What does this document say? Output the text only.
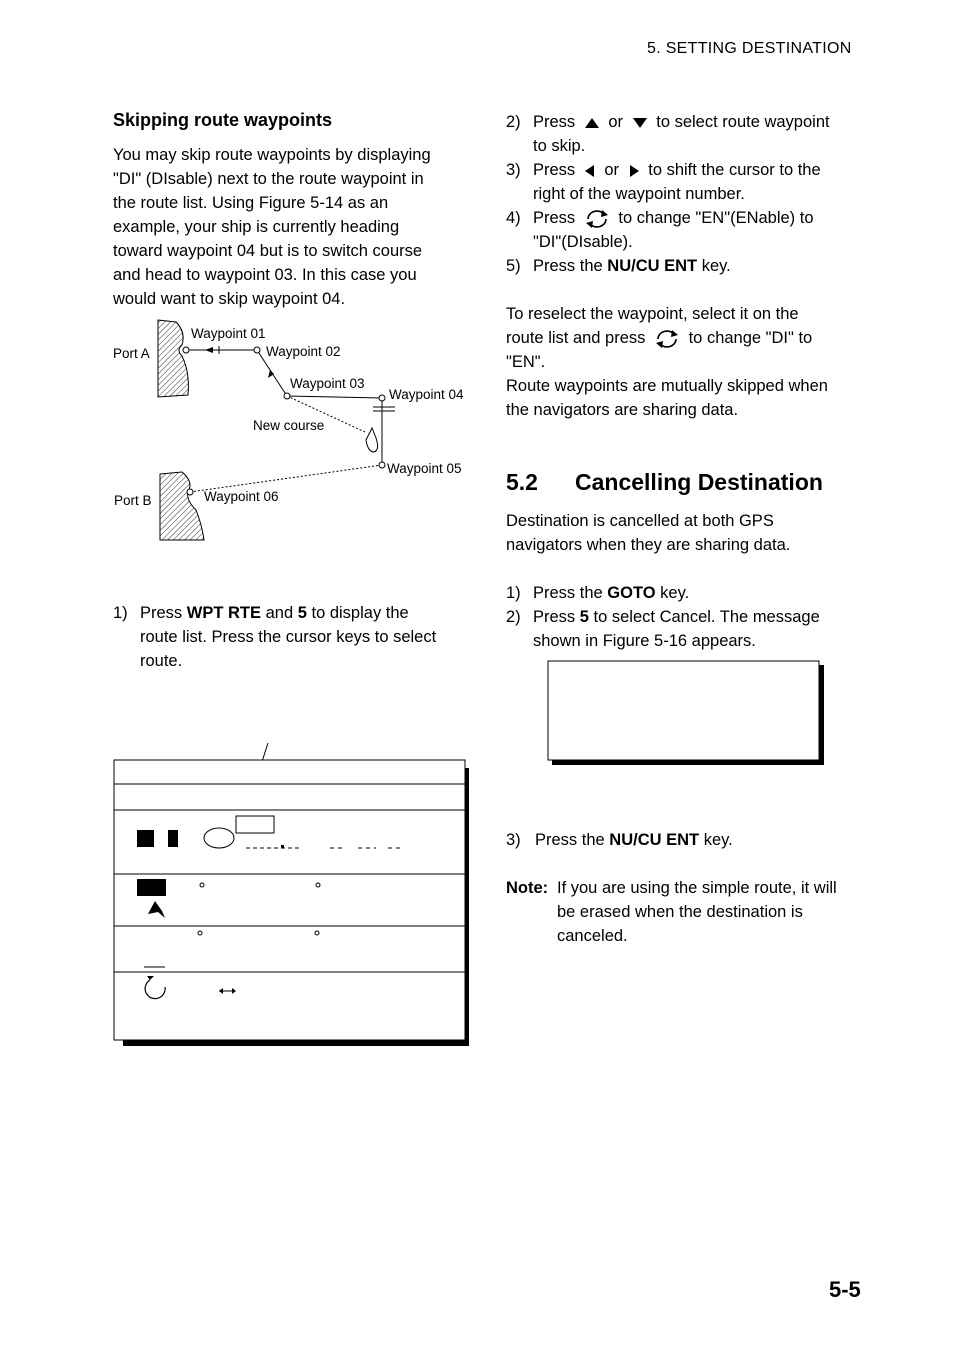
5. SETTING DESTINATION
Skipping route waypoints
You may skip route waypoints by displaying
"DI" (DIsable) next to the route waypoint in
the route list. Using Figure 5-14 as an
example, your ship is currently heading
toward waypoint 04 but is to switch course
and head to waypoint 03. In this case you
would want to skip waypoint 04.
Port A
Port B
Waypoint 01
Waypoint 02
Waypoint 03
Waypoint 04
Waypoint 05
Waypoint 06
New course
1) Press WPT RTE and 5 to display the
route list. Press the cursor keys to select
route.
2) Press or to select route waypoint
to skip.
3) Press or to shift the cursor to the
right of the waypoint number.
4) Press	to change "EN"(ENable) to
"DI"(DIsable).
5) Press the NU/CU ENT key.
To reselect the waypoint, select it on the
route list and press	to change "DI" to
"EN".
Route waypoints are mutually skipped when
the navigators are sharing data.
5.2 Cancelling Destination
Destination is cancelled at both GPS
navigators when they are sharing data.
1) Press the GOTO key.
2) Press 5 to select Cancel. The message
shown in Figure 5-16 appears.
3) Press the NU/CU ENT key.
Note: If you are using the simple route, it will
be erased when the destination is
canceled.
5-5
